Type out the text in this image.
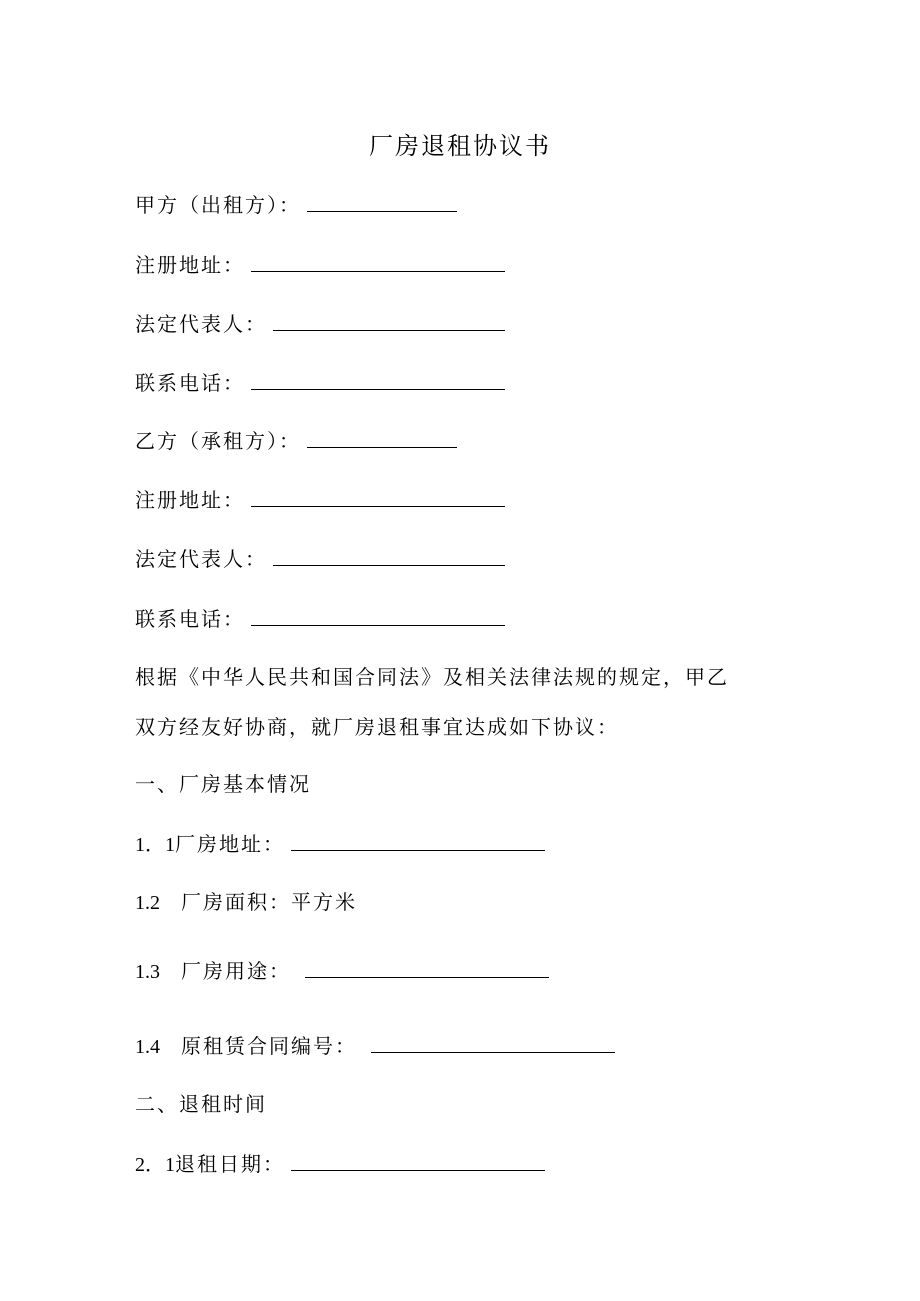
厂房退租协议书
甲方（出租方）：
注册地址：
法定代表人：
联系电话：
乙方（承租方）：
注册地址：
法定代表人：
联系电话：
根据《中华人民共和国合同法》及相关法律法规的规定，甲乙
双方经友好协商，就厂房退租事宜达成如下协议：
一、厂房基本情况
1．1厂房地址：
1.2 厂房面积：平方米
1.3 厂房用途：
1.4 原租赁合同编号：
二、退租时间
2．1退租日期：
